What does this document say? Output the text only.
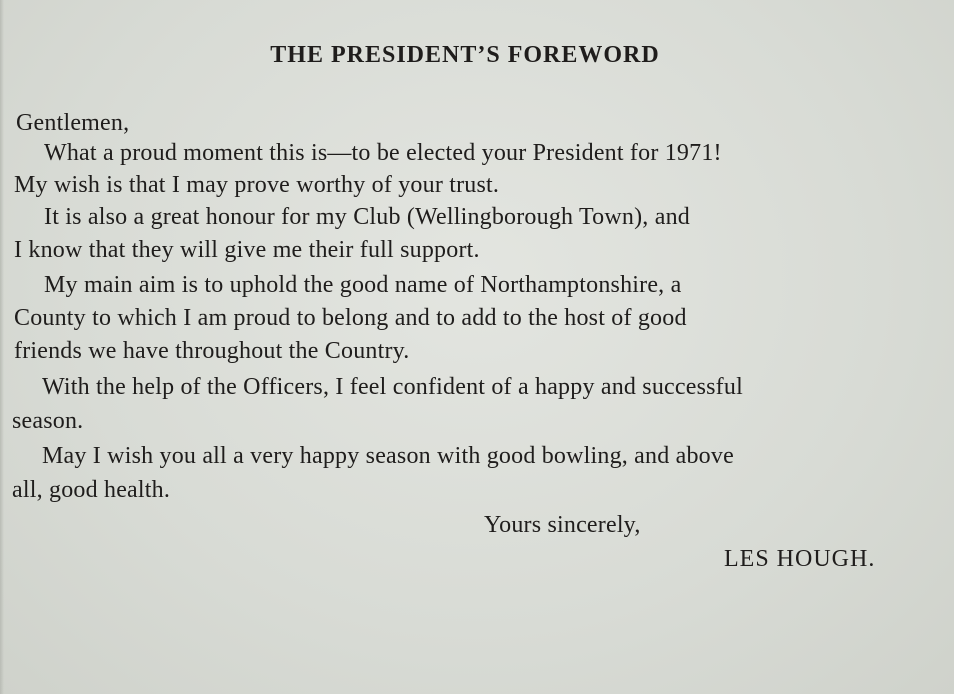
THE PRESIDENT’S FOREWORD
Gentlemen,
What a proud moment this is—to be elected your President for 1971!
My wish is that I may prove worthy of your trust.
It is also a great honour for my Club (Wellingborough Town), and
I know that they will give me their full support.
My main aim is to uphold the good name of Northamptonshire, a
County to which I am proud to belong and to add to the host of good
friends we have throughout the Country.
With the help of the Officers, I feel confident of a happy and successful
season.
May I wish you all a very happy season with good bowling, and above
all, good health.
Yours sincerely,
LES HOUGH.
